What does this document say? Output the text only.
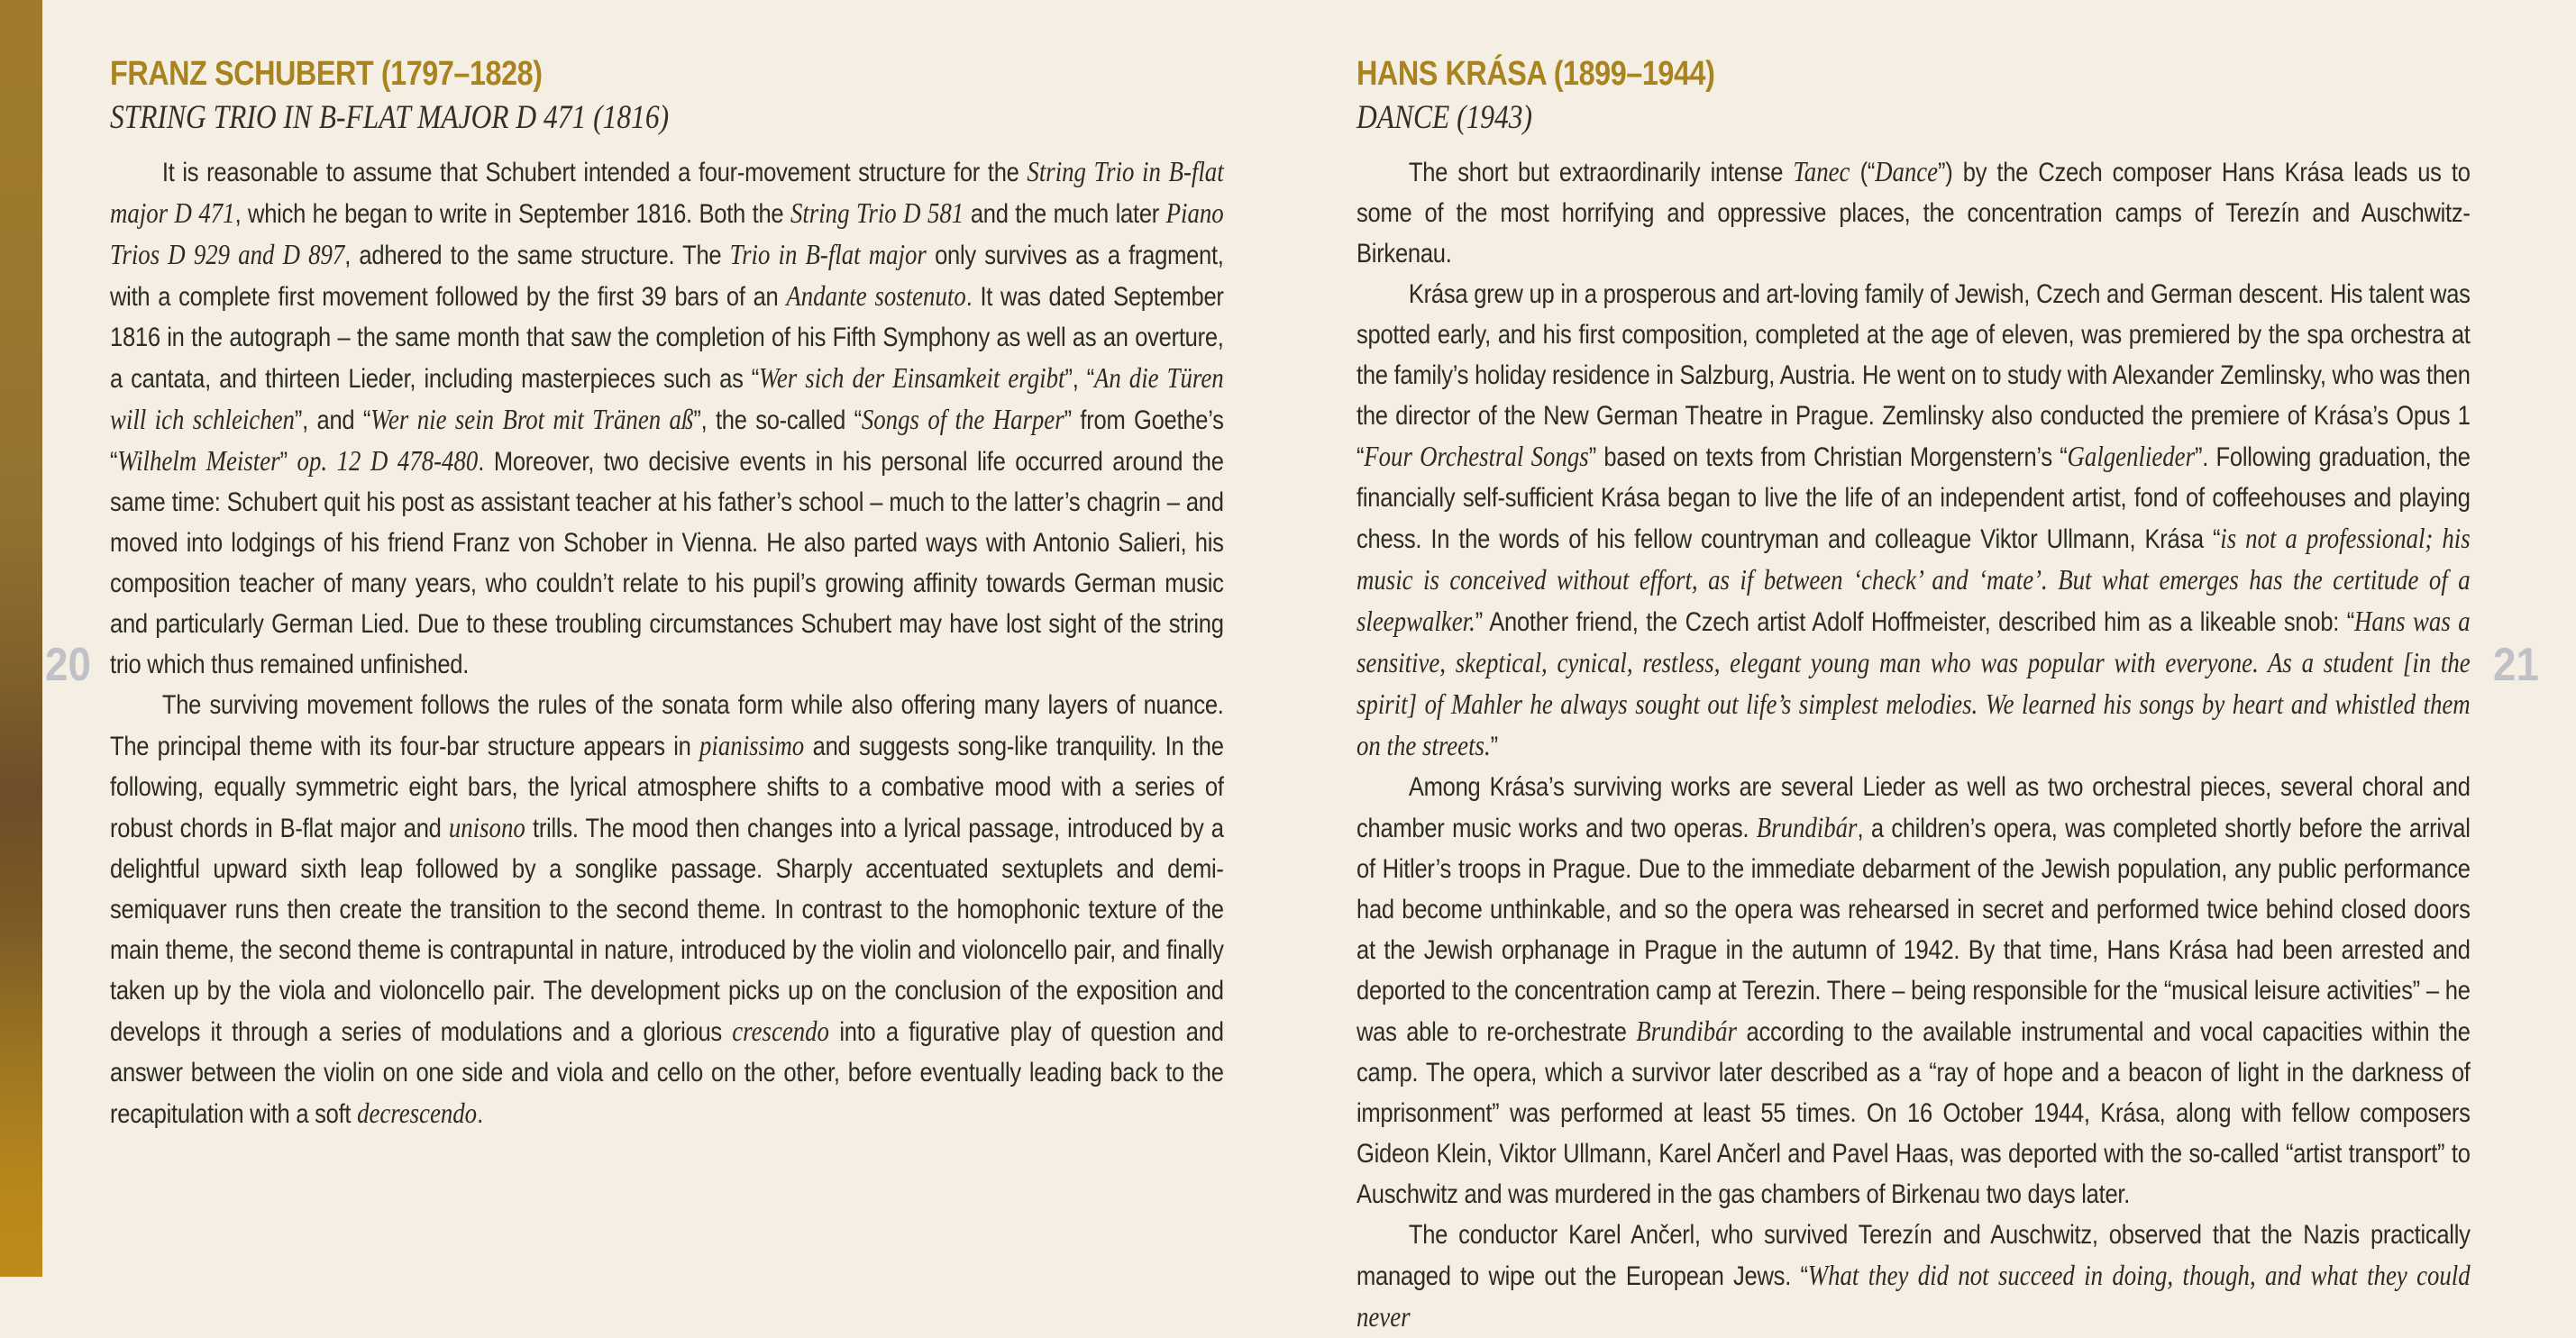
20	21
FRANZ SCHUBERT (1797–1828)
STRING TRIO IN B-FLAT MAJOR D 471 (1816)

It is reasonable to assume that Schubert intended a four-movement structure for the String Trio in B-flat major D 471, which he began to write in September 1816. Both the String Trio D 581 and the much later Piano Trios D 929 and D 897, adhered to the same structure. The Trio in B-flat major only survives as a fragment, with a complete first movement followed by the first 39 bars of an Andante sostenuto. It was dated September 1816 in the autograph – the same month that saw the completion of his Fifth Symphony as well as an overture, a cantata, and thirteen Lieder, including masterpieces such as “Wer sich der Einsamkeit ergibt”, “An die Türen will ich schleichen”, and “Wer nie sein Brot mit Tränen aß”, the so-called “Songs of the Harper” from Goethe’s “Wilhelm Meister” op. 12 D 478-480. Moreover, two decisive events in his personal life occurred around the same time: Schubert quit his post as assistant teacher at his father’s school – much to the latter’s chagrin – and moved into lodgings of his friend Franz von Schober in Vienna. He also parted ways with Antonio Salieri, his composition teacher of many years, who couldn’t relate to his pupil’s growing affinity towards German music and particularly German Lied. Due to these troubling circumstances Schubert may have lost sight of the string trio which thus remained unfinished.

The surviving movement follows the rules of the sonata form while also offering many layers of nuance. The principal theme with its four-bar structure appears in pianissimo and suggests song-like tranquility. In the following, equally symmetric eight bars, the lyrical atmosphere shifts to a combative mood with a series of robust chords in B-flat major and unisono trills. The mood then changes into a lyrical passage, introduced by a delightful upward sixth leap followed by a songlike passage. Sharply accentuated sextuplets and demi-semiquaver runs then create the transition to the second theme. In contrast to the homophonic texture of the main theme, the second theme is contrapuntal in nature, introduced by the violin and violoncello pair, and finally taken up by the viola and violoncello pair. The development picks up on the conclusion of the exposition and develops it through a series of modulations and a glorious crescendo into a figurative play of question and answer between the violin on one side and viola and cello on the other, before eventually leading back to the recapitulation with a soft decrescendo.

HANS KRÁSA (1899–1944)
DANCE (1943)

The short but extraordinarily intense Tanec (“Dance”) by the Czech composer Hans Krása leads us to some of the most horrifying and oppressive places, the concentration camps of Terezín and Auschwitz-Birkenau.

Krása grew up in a prosperous and art-loving family of Jewish, Czech and German descent. His talent was spotted early, and his first composition, completed at the age of eleven, was premiered by the spa orchestra at the family’s holiday residence in Salzburg, Austria. He went on to study with Alexander Zemlinsky, who was then the director of the New German Theatre in Prague. Zemlinsky also conducted the premiere of Krása’s Opus 1 “Four Orchestral Songs” based on texts from Christian Morgenstern’s “Galgenlieder”. Following graduation, the financially self-sufficient Krása began to live the life of an independent artist, fond of coffeehouses and playing chess. In the words of his fellow countryman and colleague Viktor Ullmann, Krása “is not a professional; his music is conceived without effort, as if between ‘check’ and ‘mate’. But what emerges has the certitude of a sleepwalker.” Another friend, the Czech artist Adolf Hoffmeister, described him as a likeable snob: “Hans was a sensitive, skeptical, cynical, restless, elegant young man who was popular with everyone. As a student [in the spirit] of Mahler he always sought out life’s simplest melodies. We learned his songs by heart and whistled them on the streets.”

Among Krása’s surviving works are several Lieder as well as two orchestral pieces, several choral and chamber music works and two operas. Brundibár, a children’s opera, was completed shortly before the arrival of Hitler’s troops in Prague. Due to the immediate debarment of the Jewish population, any public performance had become unthinkable, and so the opera was rehearsed in secret and performed twice behind closed doors at the Jewish orphanage in Prague in the autumn of 1942. By that time, Hans Krása had been arrested and deported to the concentration camp at Terezin. There – being responsible for the “musical leisure activities” – he was able to re-orchestrate Brundibár according to the available instrumental and vocal capacities within the camp. The opera, which a survivor later described as a “ray of hope and a beacon of light in the darkness of imprisonment” was performed at least 55 times. On 16 October 1944, Krása, along with fellow composers Gideon Klein, Viktor Ullmann, Karel Ančerl and Pavel Haas, was deported with the so-called “artist transport” to Auschwitz and was murdered in the gas chambers of Birkenau two days later.

The conductor Karel Ančerl, who survived Terezín and Auschwitz, observed that the Nazis practically managed to wipe out the European Jews. “What they did not succeed in doing, though, and what they could never
